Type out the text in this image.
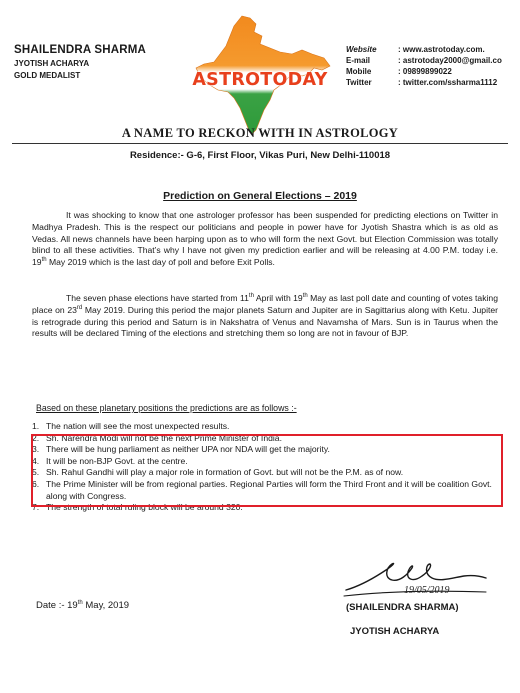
SHAILENDRA SHARMA
JYOTISH ACHARYA
GOLD MEDALIST	ASTROTODAY
Website	: www.astrotoday.com.
E-mail	: astrotoday2000@gmail.co
Mobile	: 09899899022
Twitter	: twitter.com/ssharma1112
A NAME TO RECKON WITH IN ASTROLOGY
Residence:- G-6, First Floor, Vikas Puri, New Delhi-110018
Prediction on General Elections – 2019
It was shocking to know that one astrologer professor has been suspended for predicting elections on Twitter in Madhya Pradesh. This is the respect our politicians and people in power have for Jyotish Shastra which is as old as Vedas. All news channels have been harping upon as to who will form the next Govt. but Election Commission was totally blind to all these activities. That’s why I have not given my prediction earlier and will be releasing at 4.00 P.M. today i.e. 19th May 2019 which is the last day of poll and before Exit Polls.
The seven phase elections have started from 11th April with 19th May as last poll date and counting of votes taking place on 23rd May 2019. During this period the major planets Saturn and Jupiter are in Sagittarius along with Ketu. Jupiter is retrograde during this period and Saturn is in Nakshatra of Venus and Navamsha of Mars. Sun is in Taurus when the results will be declared Timing of the elections and stretching them so long are not in favour of BJP.
Based on these planetary positions the predictions are as follows :-
1. The nation will see the most unexpected results.
2. Sh. Narendra Modi will not be the next Prime Minister of India.
3. There will be hung parliament as neither UPA nor NDA will get the majority.
4. It will be non-BJP Govt. at the centre.
5. Sh. Rahul Gandhi will play a major role in formation of Govt. but will not be the P.M. as of now.
6. The Prime Minister will be from regional parties. Regional Parties will form the Third Front and it will be coalition Govt. along with Congress.
7. The strength of total ruling block will be around 320.
19/05/2019
Date :- 19th May, 2019	(SHAILENDRA SHARMA)
JYOTISH ACHARYA
